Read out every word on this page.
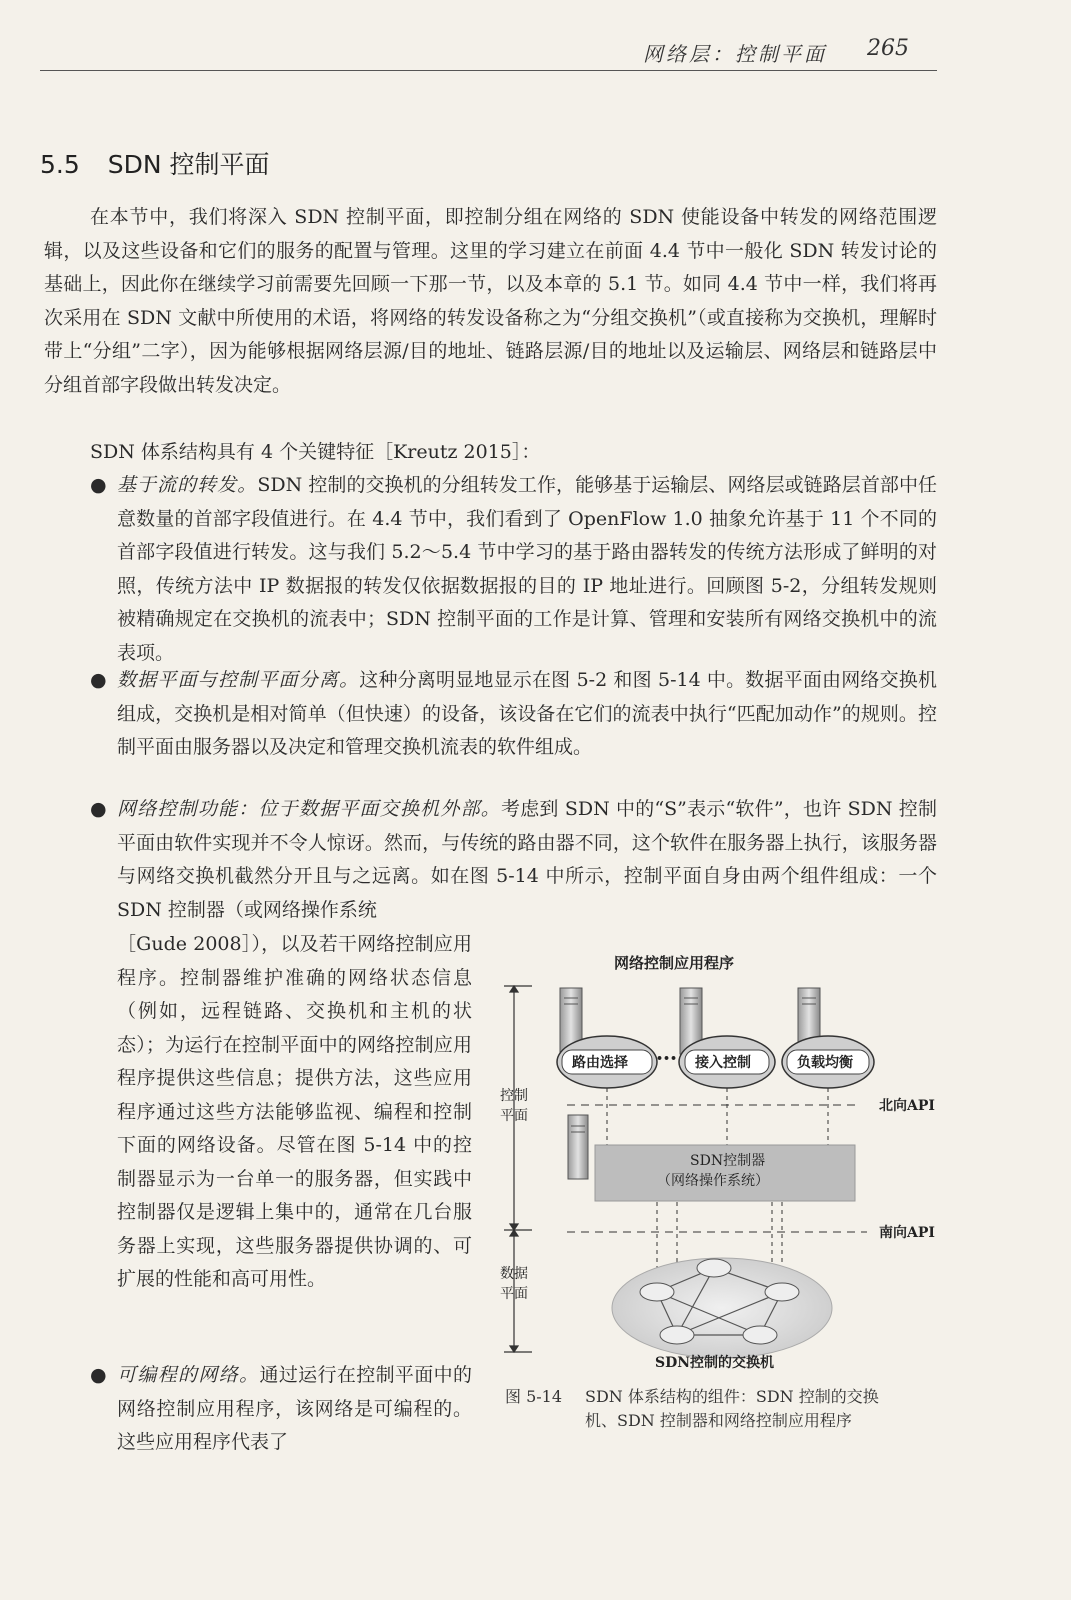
网络层：控制平面 265
5.5 SDN 控制平面
在本节中，我们将深入 SDN 控制平面，即控制分组在网络的 SDN 使能设备中转发的网络范围逻辑，以及这些设备和它们的服务的配置与管理。这里的学习建立在前面 4.4 节中一般化 SDN 转发讨论的基础上，因此你在继续学习前需要先回顾一下那一节，以及本章的 5.1 节。如同 4.4 节中一样，我们将再次采用在 SDN 文献中所使用的术语，将网络的转发设备称之为“分组交换机”（或直接称为交换机，理解时带上“分组”二字），因为能够根据网络层源/目的地址、链路层源/目的地址以及运输层、网络层和链路层中分组首部字段做出转发决定。
SDN 体系结构具有 4 个关键特征［Kreutz 2015］：
● 基于流的转发。SDN 控制的交换机的分组转发工作，能够基于运输层、网络层或链路层首部中任意数量的首部字段值进行。在 4.4 节中，我们看到了 OpenFlow 1.0 抽象允许基于 11 个不同的首部字段值进行转发。这与我们 5.2～5.4 节中学习的基于路由器转发的传统方法形成了鲜明的对照，传统方法中 IP 数据报的转发仅依据数据报的目的 IP 地址进行。回顾图 5-2，分组转发规则被精确规定在交换机的流表中；SDN 控制平面的工作是计算、管理和安装所有网络交换机中的流表项。
● 数据平面与控制平面分离。这种分离明显地显示在图 5-2 和图 5-14 中。数据平面由网络交换机组成，交换机是相对简单（但快速）的设备，该设备在它们的流表中执行“匹配加动作”的规则。控制平面由服务器以及决定和管理交换机流表的软件组成。
● 网络控制功能：位于数据平面交换机外部。考虑到 SDN 中的“S”表示“软件”，也许 SDN 控制平面由软件实现并不令人惊讶。然而，与传统的路由器不同，这个软件在服务器上执行，该服务器与网络交换机截然分开且与之远离。如在图 5-14 中所示，控制平面自身由两个组件组成：一个 SDN 控制器（或网络操作系统
［Gude 2008］），以及若干网络控制应用程序。控制器维护准确的网络状态信息（例如，远程链路、交换机和主机的状态）；为运行在控制平面中的网络控制应用程序提供这些信息；提供方法，这些应用程序通过这些方法能够监视、编程和控制下面的网络设备。尽管在图 5-14 中的控制器显示为一台单一的服务器，但实践中控制器仅是逻辑上集中的，通常在几台服务器上实现，这些服务器提供协调的、可扩展的性能和高可用性。
● 可编程的网络。通过运行在控制平面中的网络控制应用程序，该网络是可编程的。这些应用程序代表了
网络控制应用程序
路由选择	••• 接入控制	负载均衡
控制平面
数据平面
北向API
南向API
SDN控制器
（网络操作系统）
SDN控制的交换机
图 5-14 SDN 体系结构的组件：SDN 控制的交换
机、SDN 控制器和网络控制应用程序
